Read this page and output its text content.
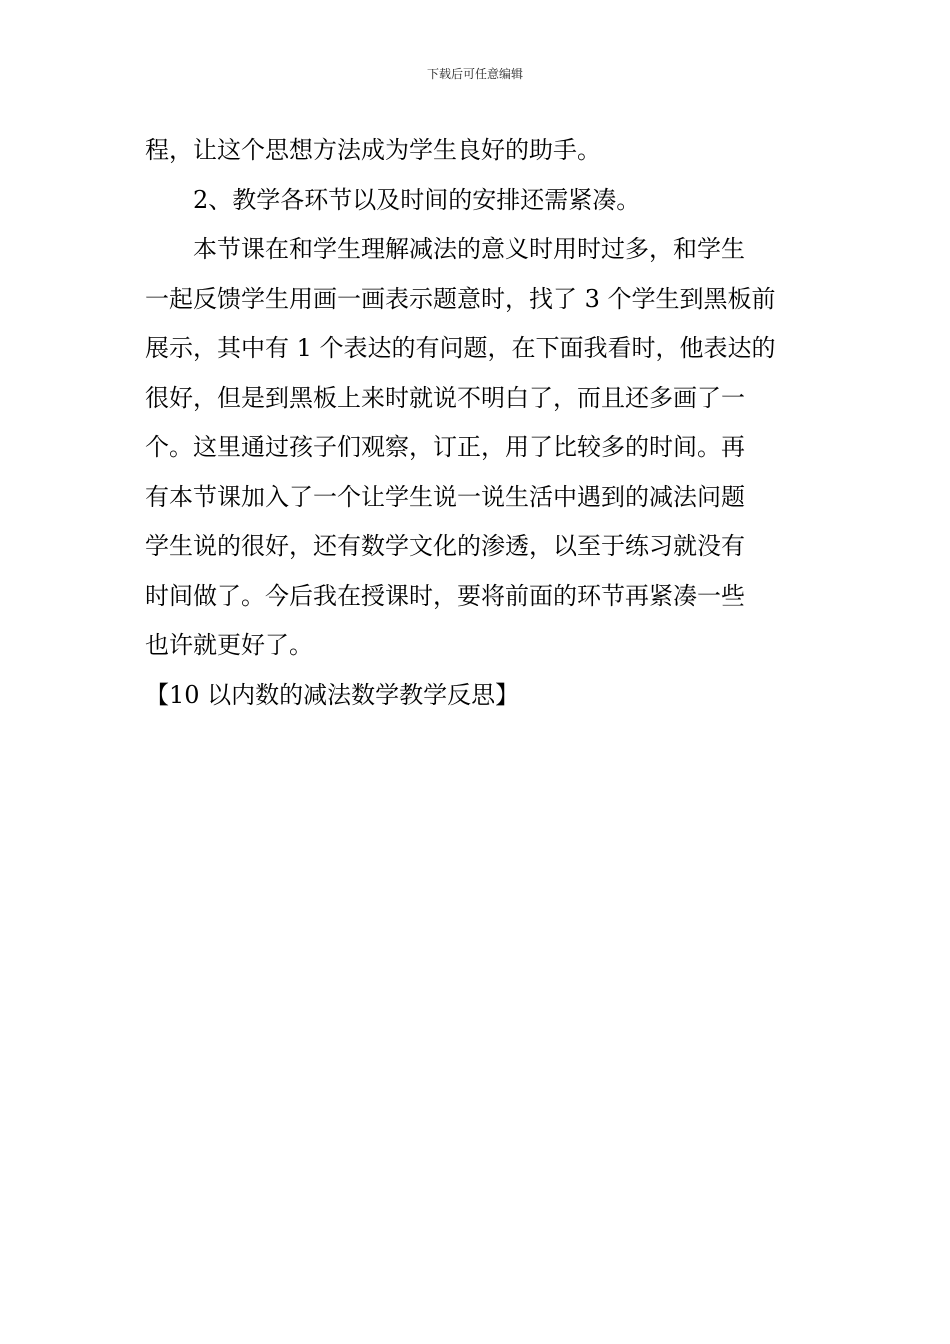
下载后可任意编辑
程，让这个思想方法成为学生良好的助手。
2、教学各环节以及时间的安排还需紧凑。
本节课在和学生理解减法的意义时用时过多，和学生
一起反馈学生用画一画表示题意时，找了 3 个学生到黑板前
展示，其中有 1 个表达的有问题，在下面我看时，他表达的
很好，但是到黑板上来时就说不明白了，而且还多画了一
个。这里通过孩子们观察，订正，用了比较多的时间。再
有本节课加入了一个让学生说一说生活中遇到的减法问题
学生说的很好，还有数学文化的渗透，以至于练习就没有
时间做了。今后我在授课时，要将前面的环节再紧凑一些
也许就更好了。
【10 以内数的减法数学教学反思】
